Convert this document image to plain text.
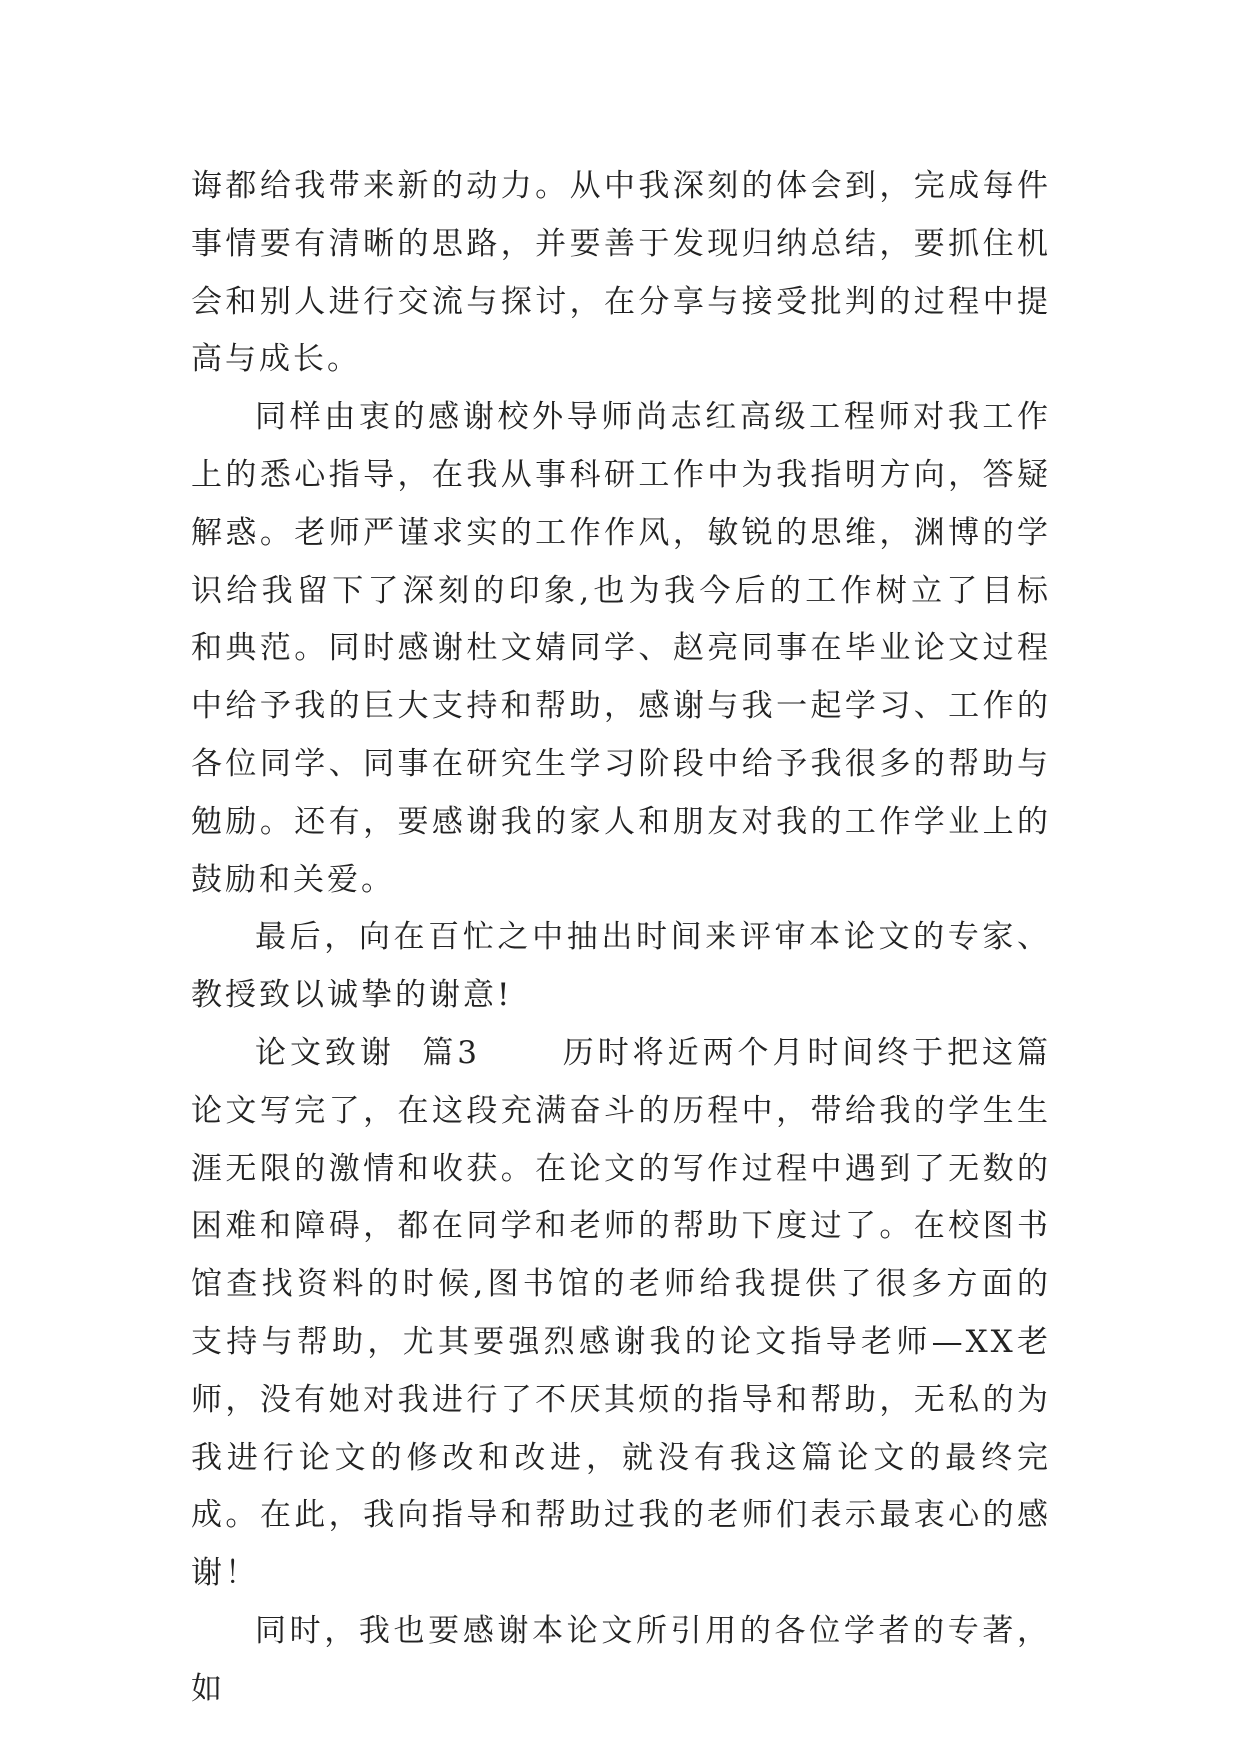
诲都给我带来新的动力。从中我深刻的体会到，完成每件事情要有清晰的思路，并要善于发现归纳总结，要抓住机会和别人进行交流与探讨，在分享与接受批判的过程中提高与成长。

同样由衷的感谢校外导师尚志红高级工程师对我工作上的悉心指导，在我从事科研工作中为我指明方向，答疑解惑。老师严谨求实的工作作风，敏锐的思维，渊博的学识给我留下了深刻的印象,也为我今后的工作树立了目标和典范。同时感谢杜文婧同学、赵亮同事在毕业论文过程中给予我的巨大支持和帮助，感谢与我一起学习、工作的各位同学、同事在研究生学习阶段中给予我很多的帮助与勉励。还有，要感谢我的家人和朋友对我的工作学业上的鼓励和关爱。

最后，向在百忙之中抽出时间来评审本论文的专家、教授致以诚挚的谢意!

论文致谢  篇3      历时将近两个月时间终于把这篇论文写完了，在这段充满奋斗的历程中，带给我的学生生涯无限的激情和收获。在论文的写作过程中遇到了无数的困难和障碍，都在同学和老师的帮助下度过了。在校图书馆查找资料的时候,图书馆的老师给我提供了很多方面的支持与帮助，尤其要强烈感谢我的论文指导老师—XX老师，没有她对我进行了不厌其烦的指导和帮助，无私的为我进行论文的修改和改进，就没有我这篇论文的最终完成。在此，我向指导和帮助过我的老师们表示最衷心的感谢！

同时，我也要感谢本论文所引用的各位学者的专著，如
